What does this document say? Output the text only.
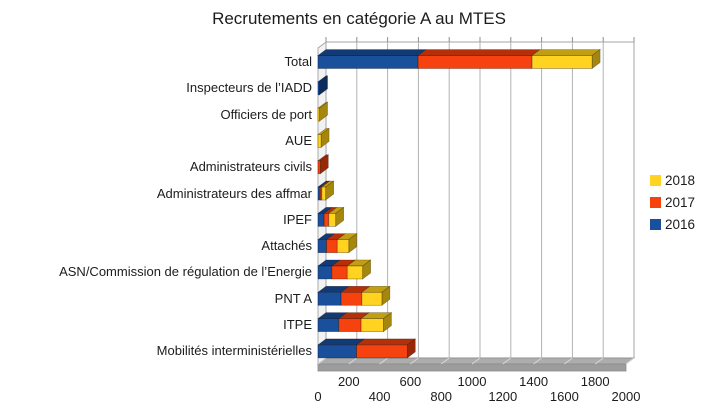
Recrutements en catégorie A au MTES
Total
Inspecteurs de l’IADD
Officiers de port
AUE
Administrateurs civils
Administrateurs des affmar
IPEF
Attachés
ASN/Commission de régulation de l’Energie
PNT A
ITPE
Mobilités interministérielles
0
200
400
600
800
1000
1200
1400
1600
1800
2000
2018
2017
2016
